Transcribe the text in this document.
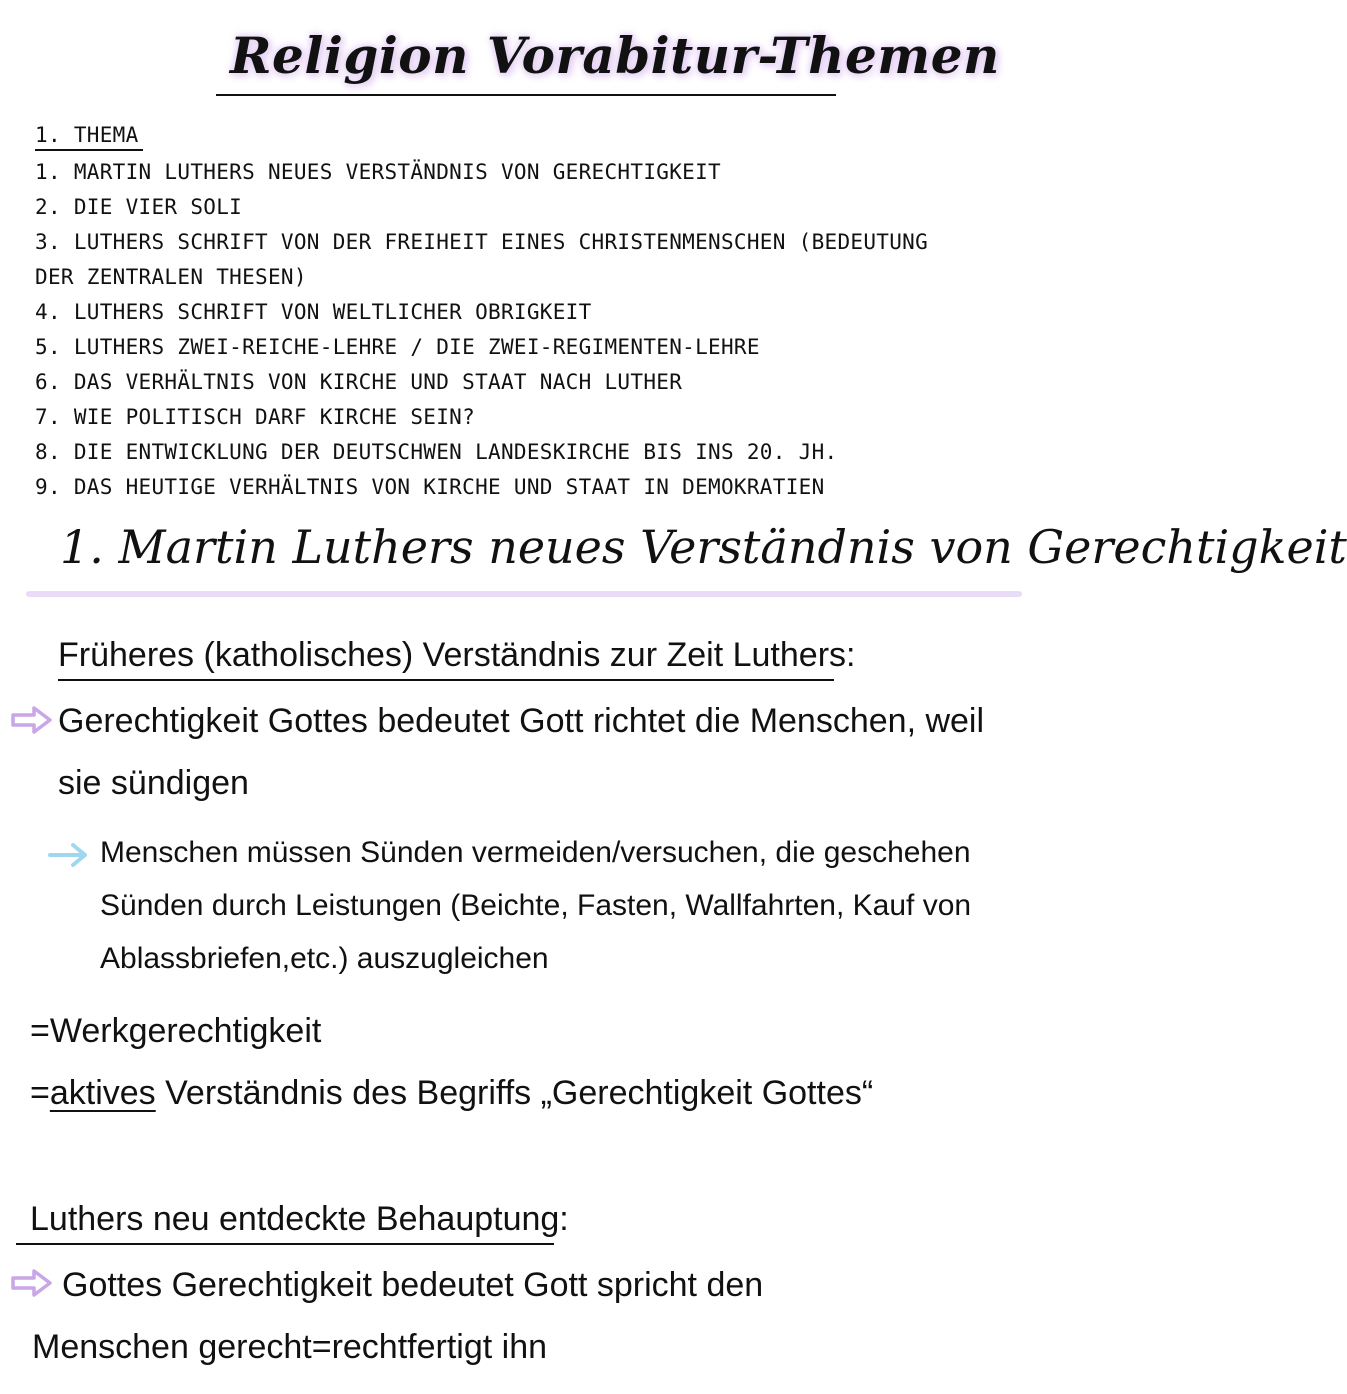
Religion Vorabitur-Themen
1. THEMA
1. MARTIN LUTHERS NEUES VERSTÄNDNIS VON GERECHTIGKEIT
2. DIE VIER SOLI
3. LUTHERS SCHRIFT VON DER FREIHEIT EINES CHRISTENMENSCHEN (BEDEUTUNG DER ZENTRALEN THESEN)
4. LUTHERS SCHRIFT VON WELTLICHER OBRIGKEIT
5. LUTHERS ZWEI-REICHE-LEHRE / DIE ZWEI-REGIMENTEN-LEHRE
6. DAS VERHÄLTNIS VON KIRCHE UND STAAT NACH LUTHER
7. WIE POLITISCH DARF KIRCHE SEIN?
8. DIE ENTWICKLUNG DER DEUTSCHWEN LANDESKIRCHE BIS INS 20. JH.
9. DAS HEUTIGE VERHÄLTNIS VON KIRCHE UND STAAT IN DEMOKRATIEN
1. Martin Luthers neues Verständnis von Gerechtigkeit
Früheres (katholisches) Verständnis zur Zeit Luthers:
Gerechtigkeit Gottes bedeutet Gott richtet die Menschen, weil sie sündigen
Menschen müssen Sünden vermeiden/versuchen, die geschehen Sünden durch Leistungen (Beichte, Fasten, Wallfahrten, Kauf von Ablassbriefen,etc.) auszugleichen
=Werkgerechtigkeit
=aktives Verständnis des Begriffs „Gerechtigkeit Gottes“
Luthers neu entdeckte Behauptung:
Gottes Gerechtigkeit bedeutet Gott spricht den Menschen gerecht=rechtfertigt ihn
